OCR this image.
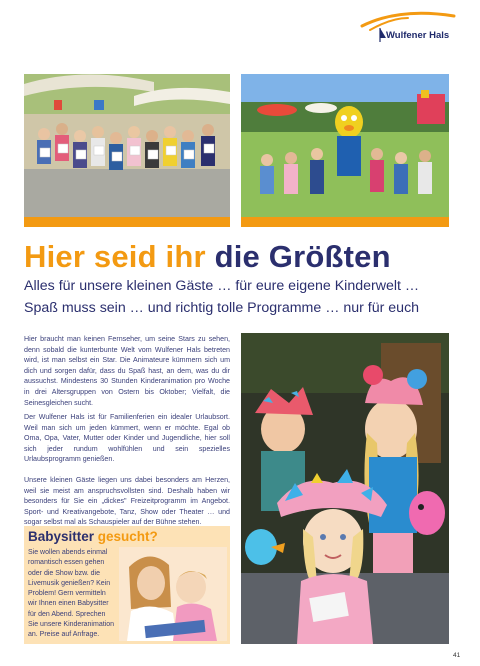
Wulfener Hals
Hier seid ihr die Größten
Alles für unsere kleinen Gäste … für eure eigene Kinderwelt …
Spaß muss sein … und richtig tolle Programme … nur für euch
Hier braucht man keinen Fernseher, um seine Stars zu sehen, denn sobald die kunterbunte Welt vom Wulfener Hals betreten wird, ist man selbst ein Star. Die Animateure kümmern sich um dich und sorgen dafür, dass du Spaß hast, an dem, was du dir aussuchst. Mindestens 30 Stunden Kinderanimation pro Woche in drei Altersgruppen von Ostern bis Oktober; Vielfalt, die Seinesgleichen sucht.
Der Wulfener Hals ist für Familienferien ein idealer Urlaubsort. Weil man sich um jeden kümmert, wenn er möchte. Egal ob Oma, Opa, Vater, Mutter oder Kinder und Jugendliche, hier soll sich jeder rundum wohlfühlen und sein spezielles Urlaubsprogramm genießen.
Unsere kleinen Gäste liegen uns dabei besonders am Herzen, weil sie meist am anspruchsvollsten sind. Deshalb haben wir besonders für Sie ein „dickes" Freizeitprogramm im Angebot. Sport- und Kreativangebote, Tanz, Show oder Theater … und sogar selbst mal als Schauspieler auf der Bühne stehen.
Babysitter gesucht?
Sie wollen abends einmal romantisch essen gehen oder die Show bzw. die Livemusik genießen? Kein Problem! Gern vermitteln wir Ihnen einen Babysitter für den Abend. Sprechen Sie unsere Kinderanimation an. Preise auf Anfrage.
41
